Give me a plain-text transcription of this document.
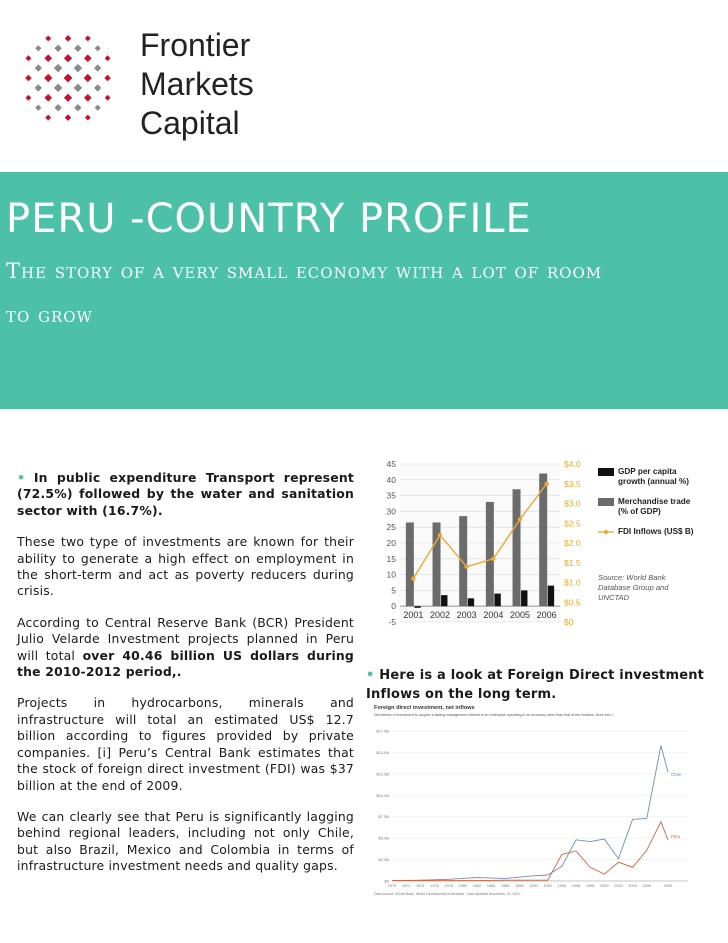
Frontier
Markets
Capital
PERU -COUNTRY PROFILE

The story of a very small economy with a lot of room

to grow

• In public expenditure Transport represent (72.5%) followed by the water and sanitation sector with (16.7%).

These two type of investments are known for their ability to generate a high effect on employment in the short-term and act as poverty reducers during crisis.

According to Central Reserve Bank (BCR) President Julio Velarde Investment projects planned in Peru will total over 40.46 billion US dollars during the 2010-2012 period,.

Projects in hydrocarbons, minerals and infrastructure will total an estimated US$ 12.7 billion according to figures provided by private companies. [i] Peru’s Central Bank estimates that the stock of foreign direct investment (FDI) was $37 billion at the end of 2009.

We can clearly see that Peru is significantly lagging behind regional leaders, including not only Chile, but also Brazil, Mexico and Colombia in terms of infrastructure investment needs and quality gaps.

-5
0
5
10
15
20
25
30
35
40
45
$0
$0.5
$1.0
$1.5
$2.0
$2.5
$3.0
$3.5
$4.0
2001 2002 2003 2004 2005 2006
GDP per capita growth (annual %)
Merchandise trade (% of GDP)
FDI Inflows (US$ B)
Source: World Bank Database Group and UNCTAD
• Here is a look at Foreign Direct investment Inflows on the long term.
Foreign direct investment, net inflows
Net inflows of investment to acquire a lasting management interest in an enterprise operating in an economy other than that of the investor. More info »
$0
$2.5B
$5.0B
$7.5B
$10.0B
$12.5B
$15.0B
$17.5B
1970 1972 1974 1976 1978 1980 1982 1984 1986 1988 1990 1992 1994 1996 1998 2000 2002 2004 2006	2009
Chile
Peru
Data source: World Bank, World Development Indicators · Last updated November 21, 2012
